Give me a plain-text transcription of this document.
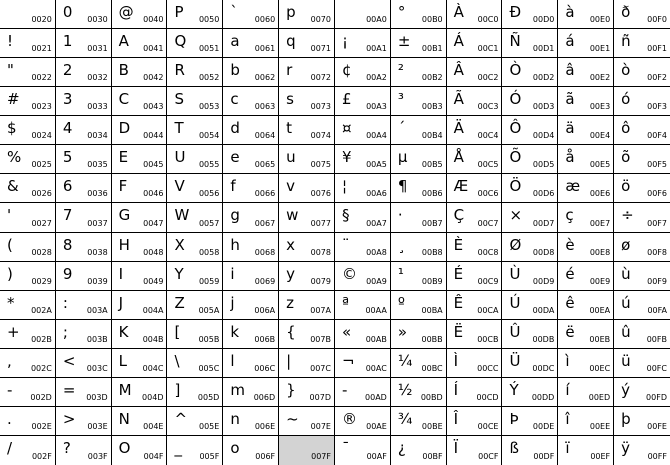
0020 0 0030 @ 0040 P 0050 ` 0060 p 0070	00A0 ° 00B0 À 00C0 Ð 00D0 à 00E0 ð 00F0
! 0021 1 0031 A 0041 Q 0051 a 0061 q 0071 ¡ 00A1 ± 00B1 Á 00C1 Ñ 00D1 á 00E1 ñ 00F1
" 0022 2 0032 B 0042 R 0052 b 0062 r 0072 ¢ 00A2 ² 00B2 Â 00C2 Ò 00D2 â 00E2 ò 00F2
# 0023 3 0033 C 0043 S 0053 c 0063 s 0073 £ 00A3 ³ 00B3 Ã 00C3 Ó 00D3 ã 00E3 ó 00F3
$ 0024 4 0034 D 0044 T 0054 d 0064 t 0074 ¤ 00A4 ´ 00B4 Ä 00C4 Ô 00D4 ä 00E4 ô 00F4
% 0025 5 0035 E 0045 U 0055 e 0065 u 0075 ¥ 00A5 µ 00B5 Å 00C5 Õ 00D5 å 00E5 õ 00F5
& 0026 6 0036 F 0046 V 0056 f 0066 v 0076 ¦ 00A6 ¶ 00B6 Æ 00C6 Ö 00D6 æ 00E6 ö 00F6
'	0027 7 0037 G 0047 W 0057 g 0067 w 0077 § 00A7 · 00B7 Ç 00C7 × 00D7 ç 00E7 ÷ 00F7
( 0028 8 0038 H 0048 X 0058 h 0068 x 0078 ¨ 00A8 ¸ 00B8 È 00C8 Ø 00D8 è 00E8 ø 00F8
) 0029 9 0039 I	0049 Y 0059 i	0069 y 0079 © 00A9 ¹ 00B9 É 00C9 Ù 00D9 é 00E9 ù 00F9
* 002A : 003A J 004A Z 005A j 006A z 007A ª 00AA º 00BA Ê 00CA Ú 00DA ê 00EA ú 00FA
+ 002B ; 003B K 004B [ 005B k 006B { 007B « 00AB » 00BB Ë 00CB Û 00DB ë 00EB û 00FB
, 002C < 003C L 004C \ 005C l 006C | 007C ¬ 00AC ¼ 00BC Ì 00CC Ü 00DC ì 00EC ü 00FC
- 002D = 003D M 004D ] 005D m 006D } 007D - 00AD ½ 00BD Í 00CD Ý 00DD í 00ED ý 00FD
. 002E > 003E N 004E ^ 005E n 006E ~ 007E ® 00AE ¾ 00BE Î 00CE Þ 00DE î	00EE þ 00FE
/ 002F ? 003F O 004F _ 005F o 006F	007F ¯ 00AF ¿ 00BF Ï	00CF ß 00DF ï	00EF ÿ 00FF
